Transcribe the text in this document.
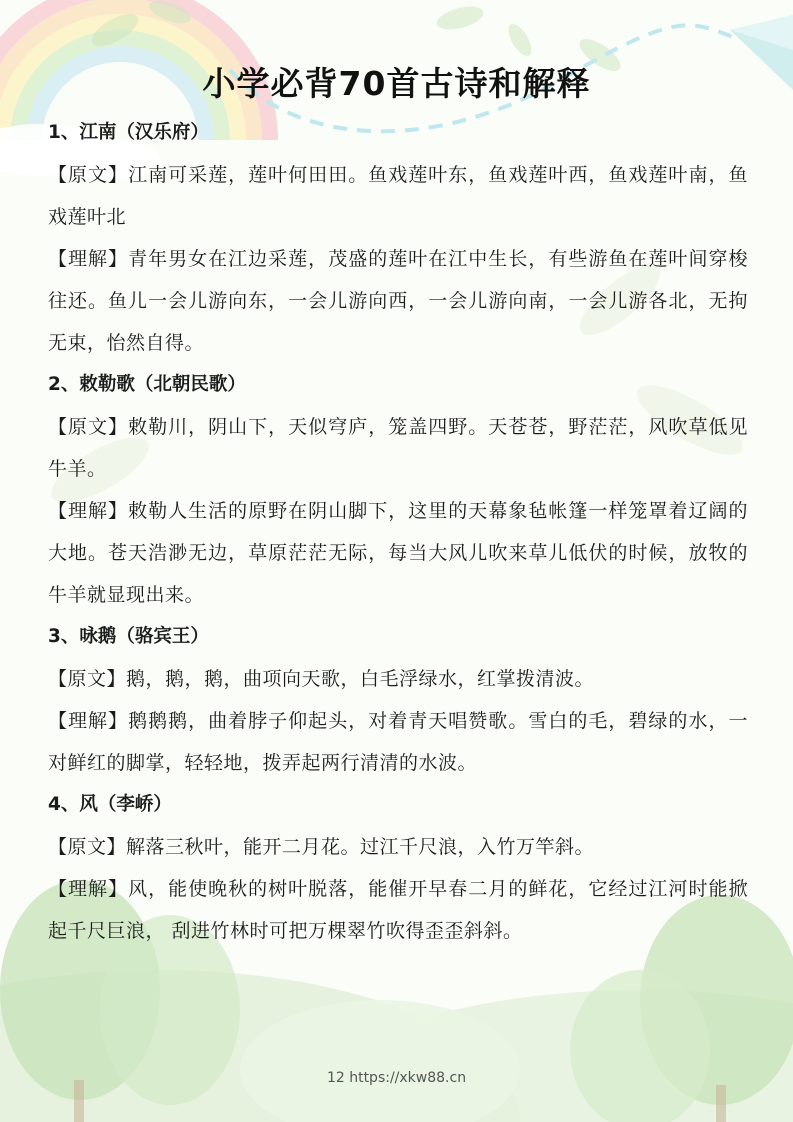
小学必背70首古诗和解释
1、江南（汉乐府）
【原文】江南可采莲，莲叶何田田。鱼戏莲叶东，鱼戏莲叶西，鱼戏莲叶南，鱼戏莲叶北
【理解】青年男女在江边采莲，茂盛的莲叶在江中生长，有些游鱼在莲叶间穿梭往还。鱼儿一会儿游向东，一会儿游向西，一会儿游向南，一会儿游各北，无拘无束，怡然自得。
2、敕勒歌（北朝民歌）
【原文】敕勒川，阴山下，天似穹庐，笼盖四野。天苍苍，野茫茫，风吹草低见牛羊。
【理解】敕勒人生活的原野在阴山脚下，这里的天幕象毡帐篷一样笼罩着辽阔的大地。苍天浩渺无边，草原茫茫无际，每当大风儿吹来草儿低伏的时候，放牧的牛羊就显现出来。
3、咏鹅（骆宾王）
【原文】鹅，鹅，鹅，曲项向天歌，白毛浮绿水，红掌拨清波。
【理解】鹅鹅鹅，曲着脖子仰起头，对着青天唱赞歌。雪白的毛，碧绿的水，一对鲜红的脚掌，轻轻地，拨弄起两行清清的水波。
4、风（李峤）
【原文】解落三秋叶，能开二月花。过江千尺浪，入竹万竿斜。
【理解】风，能使晚秋的树叶脱落，能催开早春二月的鲜花，它经过江河时能掀起千尺巨浪， 刮进竹林时可把万棵翠竹吹得歪歪斜斜。
12 https://xkw88.cn
